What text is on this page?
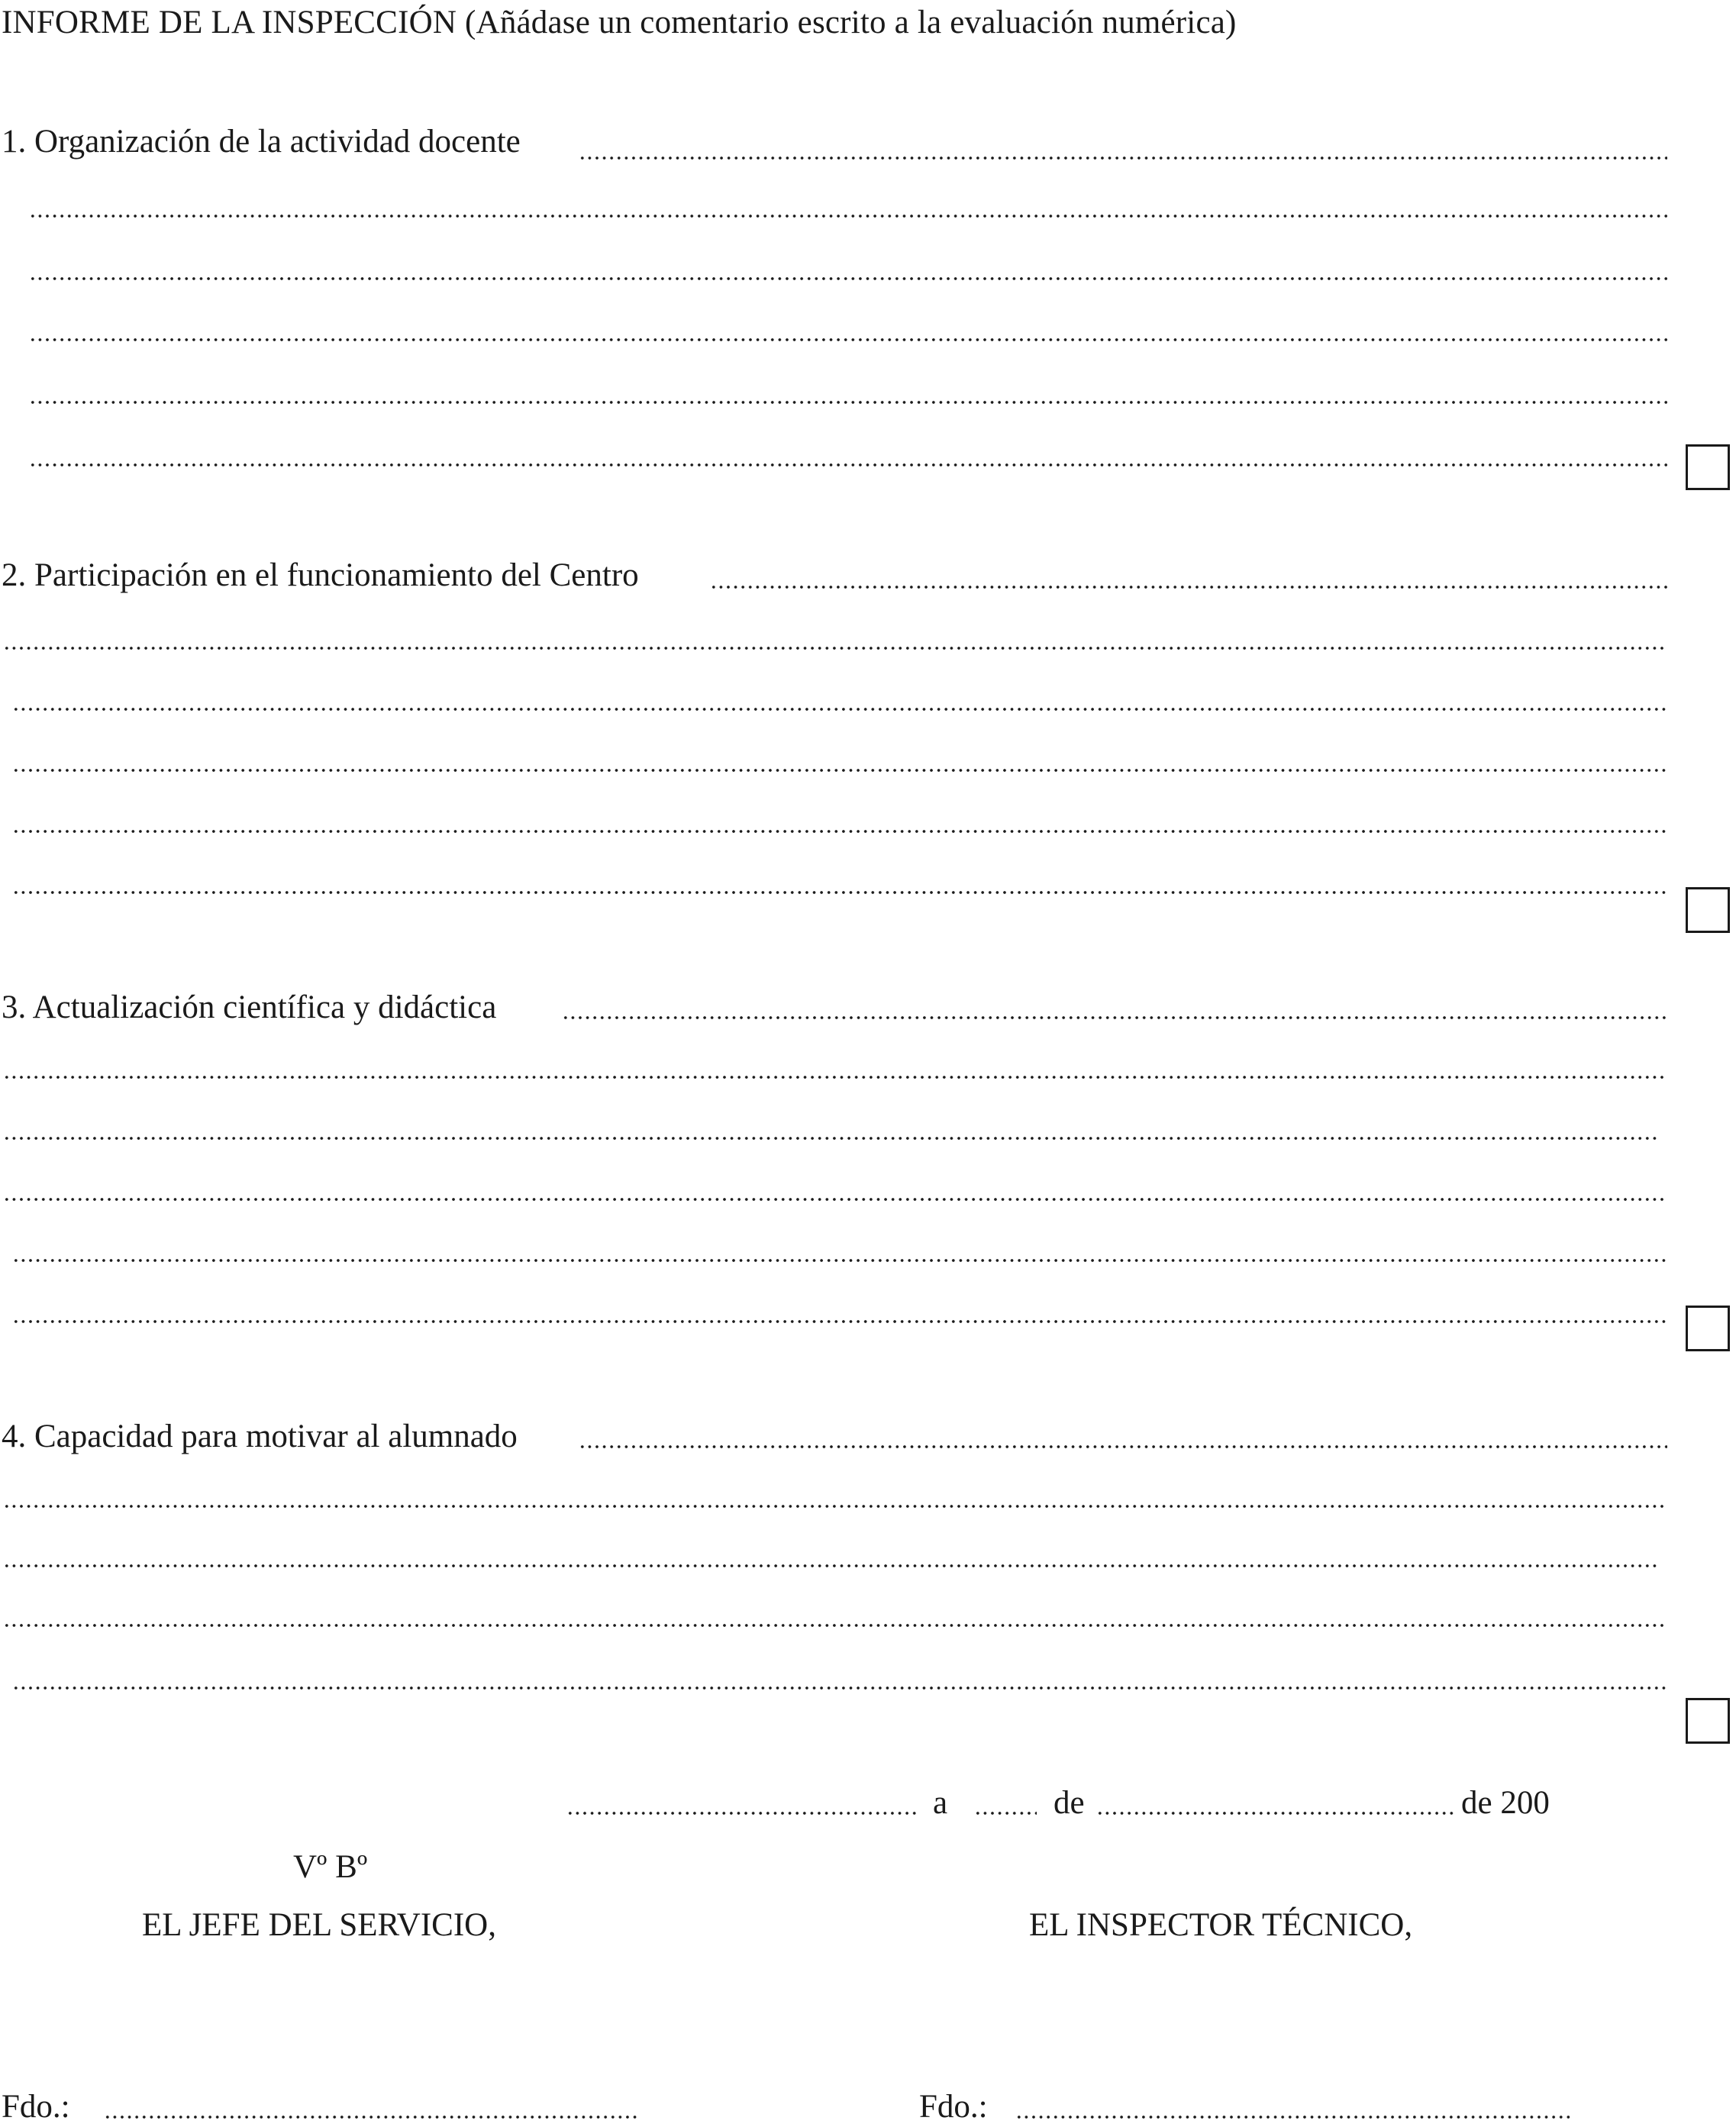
INFORME DE LA INSPECCIÓN (Añádase un comentario escrito a la evaluación numérica)
1. Organización de la actividad docente
2. Participación en el funcionamiento del Centro
3. Actualización científica y didáctica
4. Capacidad para motivar al alumnado
a	de	de 200
Vº Bº
EL JEFE DEL SERVICIO,	EL INSPECTOR TÉCNICO,
Fdo.:	Fdo.:
